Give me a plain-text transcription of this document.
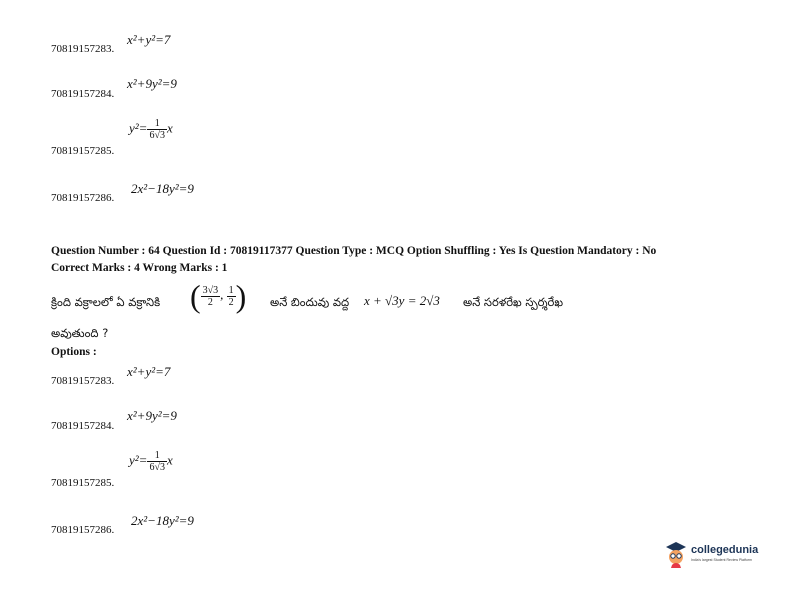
70819157283.
x²+y²=7
70819157284.
x²+9y²=9
70819157285.
$y^2= \frac{1}{6√3}$ x
70819157286.
2x²−18y²=9
Question Number : 64 Question Id : 70819117377 Question Type : MCQ Option Shuffling : Yes Is Question Mandatory : No
Correct Marks : 4 Wrong Marks : 1
క్రింది వక్రాలలో ఏ వక్రానికి ( $\frac{3√3}{2}$ , $\frac{1}{2}$ ) అనే బిందువు వద్ద x + √3y = 2√3 అనే సరళరేఖ స్పర్శరేఖ
అవుతుంది ?
Options :
70819157283.
x²+y²=7
70819157284.
x²+9y²=9
70819157285.
$y^2= \frac{1}{6√3}$ x
70819157286.
2x²−18y²=9
collegedunia
India's largest Student Review Platform
